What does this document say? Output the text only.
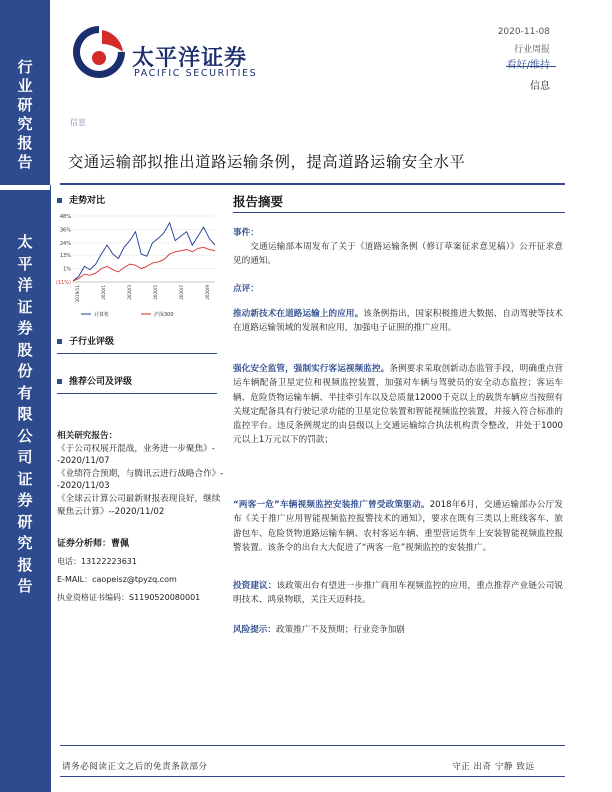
行
业
研
究
报
告
太
平
洋
证
券
股
份
有
限
公
司
证
券
研
究
报
告
太平洋证券
PACIFIC SECURITIES
2020-11-08
行业周报
信息
信息
交通运输部拟推出道路运输条例，提高道路运输安全水平
走势对比
48%
36%
24%
13%
1%
(11%)
2019/11	2020/1	2020/3	2020/5	2020/7	2020/9
计算机	沪深300
子行业评级
推荐公司及评级
相关研究报告：
《于公司权展开混战，业务进一步聚焦》--2020/11/07
《业绩符合预期，与腾讯云进行战略合作》--2020/11/03
《全球云计算公司最新财报表现良好，继续聚焦云计算》--2020/11/02
证券分析师：曹佩
电话：13122223631
E-MAIL：caopeisz@tpyzq.com
执业资格证书编码：S1190520080001
报告摘要
事件：
交通运输部本周发布了关于《道路运输条例（修订草案征求意见稿）》公开征求意见的通知。
点评：
推动新技术在道路运输上的应用。该条例指出，国家积极推进大数据、自动驾驶等技术在道路运输领域的发展和应用，加强电子证照的推广应用。
强化安全监管，强制实行客运视频监控。条例要求采取创新动态监管手段，明确重点营运车辆配备卫星定位和视频监控装置，加强对车辆与驾驶员的安全动态监控；客运车辆、危险货物运输车辆、半挂牵引车以及总质量12000千克以上的载货车辆应当按照有关规定配备具有行驶记录功能的卫星定位装置和智能视频监控装置，并接入符合标准的监控平台。违反条例规定的由县级以上交通运输综合执法机构责令整改，并处于1000元以上1万元以下的罚款；
“两客一危”车辆视频监控安装推广曾受政策驱动。2018年6月，交通运输部办公厅发布《关于推广应用智能视频监控报警技术的通知》，要求在既有三类以上班线客车、旅游包车、危险货物道路运输车辆、农村客运车辆、重型营运货车上安装智能视频监控报警装置。该条令的出台大大促进了“两客一危”视频监控的安装推广。
投资建议：该政策出台有望进一步推广商用车视频监控的应用，重点推荐产业链公司锐明技术、鸿泉物联，关注天迈科技。
风险提示：政策推广不及预期；行业竞争加剧
请务必阅读正文之后的免责条款部分	守正 出奇 宁静 致远
